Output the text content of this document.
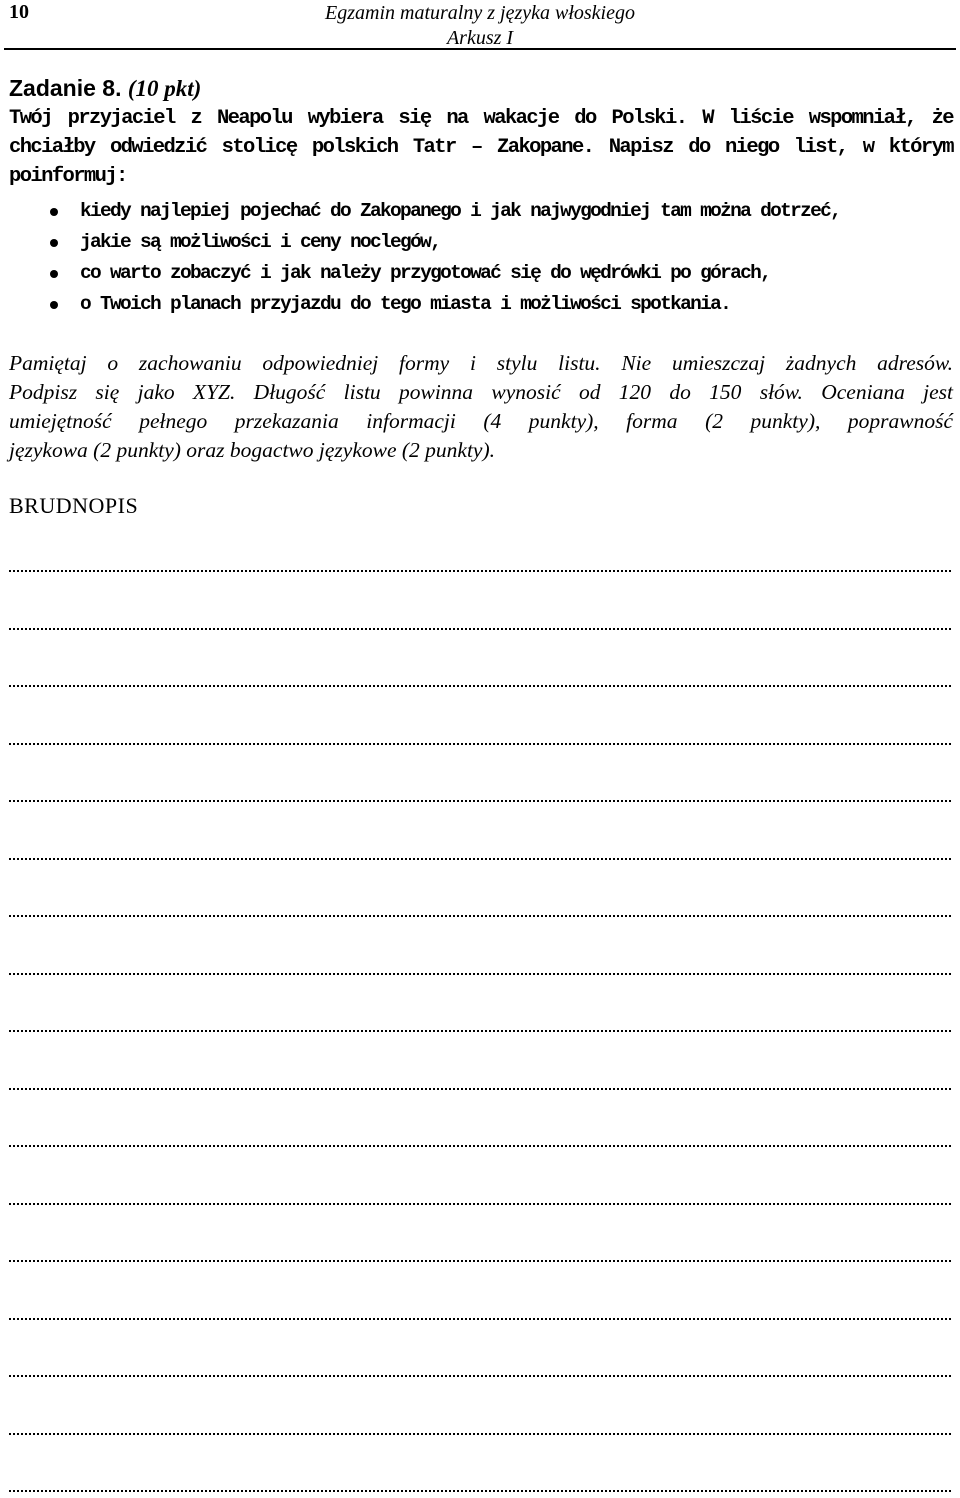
10	Egzamin maturalny z języka włoskiego
Arkusz I
Zadanie 8. (10 pkt)
Twój przyjaciel z Neapolu wybiera się na wakacje do Polski. W liście wspomniał, że
chciałby odwiedzić stolicę polskich Tatr – Zakopane. Napisz do niego list, w którym
poinformuj:
kiedy najlepiej pojechać do Zakopanego i jak najwygodniej tam można dotrzeć,
jakie są możliwości i ceny noclegów,
co warto zobaczyć i jak należy przygotować się do wędrówki po górach,
o Twoich planach przyjazdu do tego miasta i możliwości spotkania.
Pamiętaj o zachowaniu odpowiedniej formy i stylu listu. Nie umieszczaj żadnych adresów.
Podpisz się jako XYZ. Długość listu powinna wynosić od 120 do 150 słów. Oceniana jest
umiejętność pełnego przekazania informacji (4 punkty), forma (2 punkty), poprawność
językowa (2 punkty) oraz bogactwo językowe (2 punkty).
BRUDNOPIS
